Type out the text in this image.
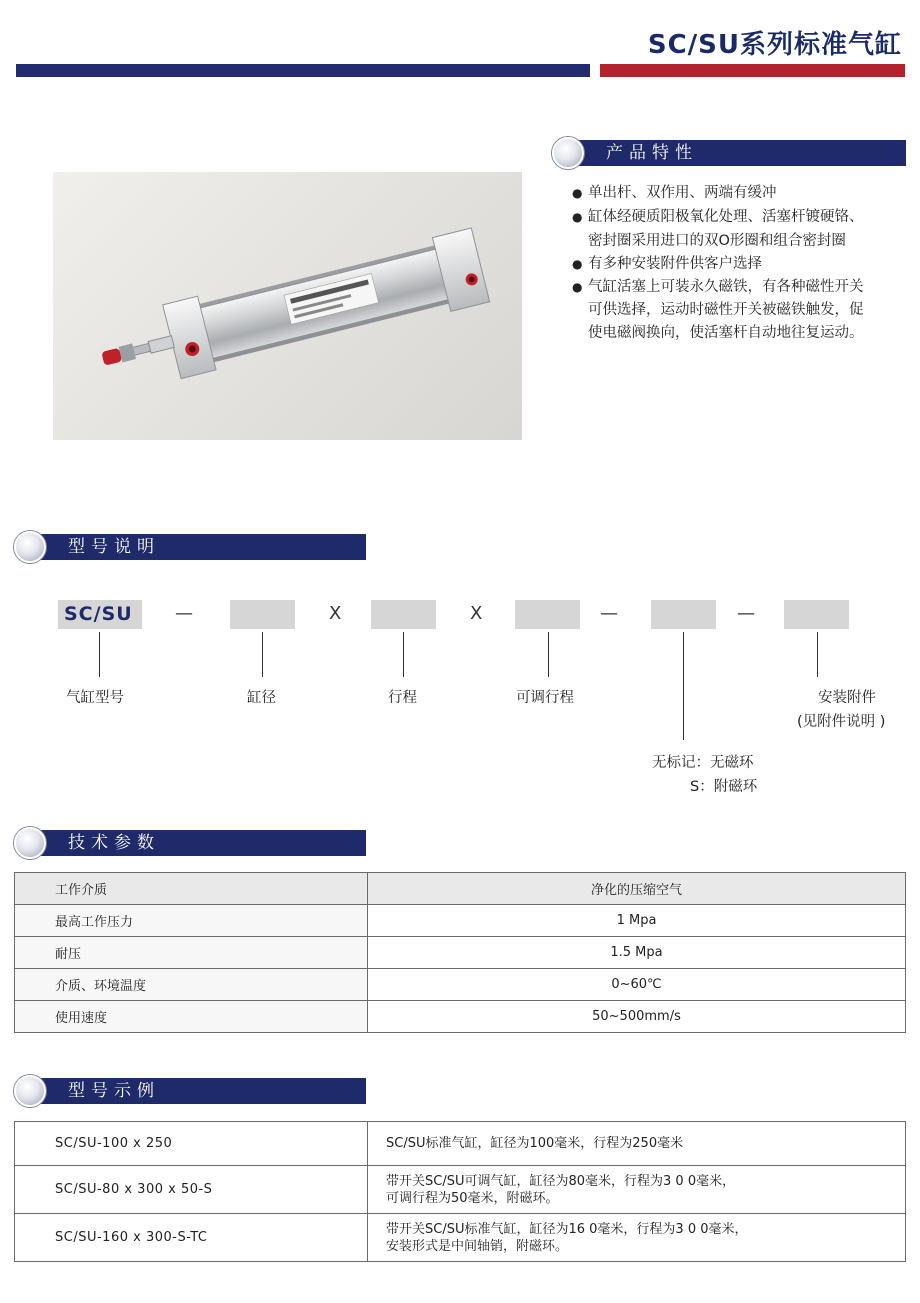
SC/SU系列标准气缸
产品特性
● 单出杆、双作用、两端有缓冲
● 缸体经硬质阳极氧化处理、活塞杆镀硬铬、
密封圈采用进口的双O形圈和组合密封圈
● 有多种安装附件供客户选择
● 气缸活塞上可装永久磁铁，有各种磁性开关
可供选择，运动时磁性开关被磁铁触发，促
使电磁阀换向，使活塞杆自动地往复运动。
型号说明
SC/SU —	X	X	—	—
气缸型号	缸径	行程	可调行程	安装附件
(见附件说明 )
无标记：无磁环
S：附磁环
技术参数
工作介质	净化的压缩空气
最高工作压力	1 Mpa
耐压	1.5 Mpa
介质、环境温度	0~60℃
使用速度	50~500mm/s
型号示例
SC/SU-100 x 250	SC/SU标准气缸，缸径为100毫米，行程为250毫米

SC/SU-80 x 300 x 50-S	带开关SC/SU可调气缸，缸径为80毫米，行程为3 0 0毫米，
可调行程为50毫米，附磁环。

SC/SU-160 x 300-S-TC	带开关SC/SU标准气缸，缸径为16 0毫米，行程为3 0 0毫米，
安装形式是中间轴销，附磁环。
